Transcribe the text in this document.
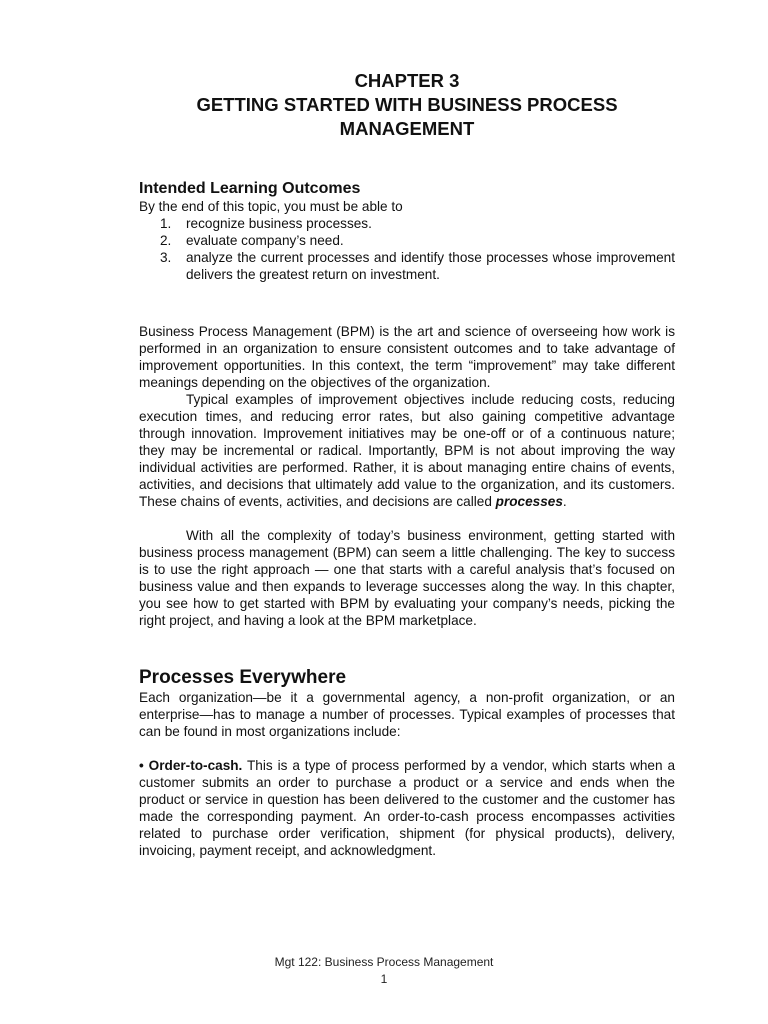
CHAPTER 3
GETTING STARTED WITH BUSINESS PROCESS
MANAGEMENT
Intended Learning Outcomes

By the end of this topic, you must be able to

1. recognize business processes.
2. evaluate company’s need.
3. analyze the current processes and identify those processes whose improvement delivers the greatest return on investment.

Business Process Management (BPM) is the art and science of overseeing how work is performed in an organization to ensure consistent outcomes and to take advantage of improvement opportunities. In this context, the term “improvement” may take different meanings depending on the objectives of the organization.

Typical examples of improvement objectives include reducing costs, reducing execution times, and reducing error rates, but also gaining competitive advantage through innovation. Improvement initiatives may be one-off or of a continuous nature; they may be incremental or radical. Importantly, BPM is not about improving the way individual activities are performed. Rather, it is about managing entire chains of events, activities, and decisions that ultimately add value to the organization, and its customers. These chains of events, activities, and decisions are called processes.

With all the complexity of today’s business environment, getting started with business process management (BPM) can seem a little challenging. The key to success is to use the right approach — one that starts with a careful analysis that’s focused on business value and then expands to leverage successes along the way. In this chapter, you see how to get started with BPM by evaluating your company’s needs, picking the right project, and having a look at the BPM marketplace.

Processes Everywhere

Each organization—be it a governmental agency, a non-profit organization, or an enterprise—has to manage a number of processes. Typical examples of processes that can be found in most organizations include:

• Order-to-cash. This is a type of process performed by a vendor, which starts when a customer submits an order to purchase a product or a service and ends when the product or service in question has been delivered to the customer and the customer has made the corresponding payment. An order-to-cash process encompasses activities related to purchase order verification, shipment (for physical products), delivery, invoicing, payment receipt, and acknowledgment.

Mgt 122: Business Process Management
1
